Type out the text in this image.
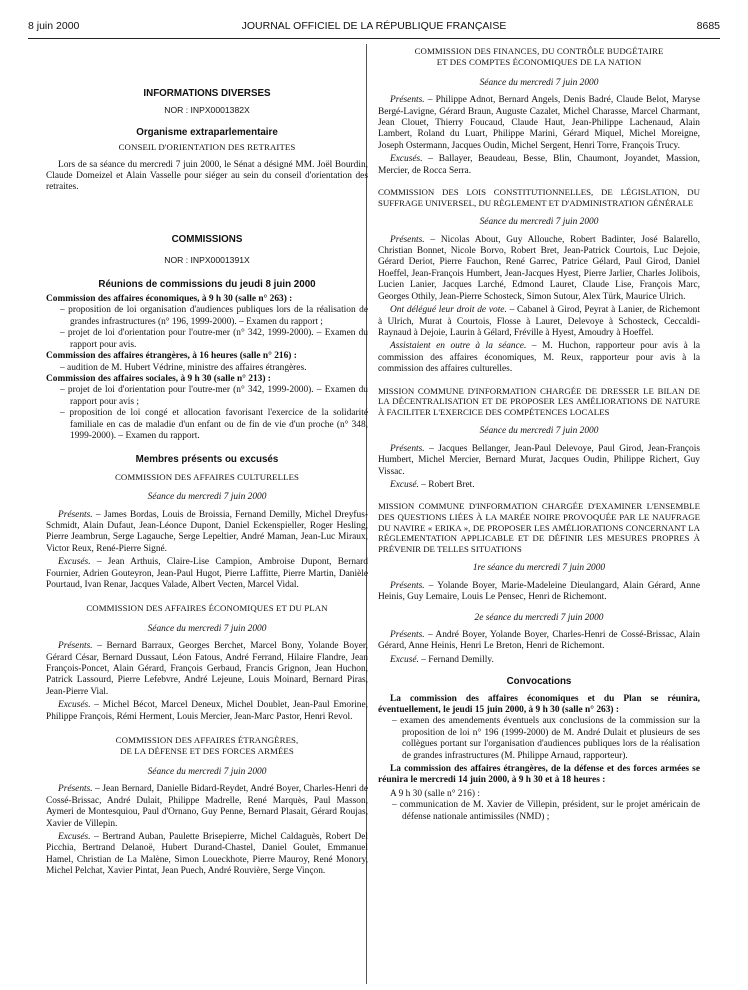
8 juin 2000	JOURNAL OFFICIEL DE LA RÉPUBLIQUE FRANÇAISE	8685
INFORMATIONS DIVERSES
NOR : INPX0001382X
Organisme extraparlementaire
CONSEIL D'ORIENTATION DES RETRAITES

Lors de sa séance du mercredi 7 juin 2000, le Sénat a désigné MM. Joël Bourdin, Claude Domeizel et Alain Vasselle pour siéger au sein du conseil d'orientation des retraites.

COMMISSIONS
NOR : INPX0001391X
Réunions de commissions du jeudi 8 juin 2000

Commission des affaires économiques, à 9 h 30 (salle n° 263) :

– proposition de loi organisation d'audiences publiques lors de la réalisation de grandes infrastructures (n° 196, 1999-2000). – Examen du rapport ;

– projet de loi d'orientation pour l'outre-mer (n° 342, 1999-2000). – Examen du rapport pour avis.

Commission des affaires étrangères, à 16 heures (salle n° 216) :

– audition de M. Hubert Védrine, ministre des affaires étrangères.

Commission des affaires sociales, à 9 h 30 (salle n° 213) :

– projet de loi d'orientation pour l'outre-mer (n° 342, 1999-2000). – Examen du rapport pour avis ;

– proposition de loi congé et allocation favorisant l'exercice de la solidarité familiale en cas de maladie d'un enfant ou de fin de vie d'un proche (n° 348, 1999-2000). – Examen du rapport.

Membres présents ou excusés
COMMISSION DES AFFAIRES CULTURELLES
Séance du mercredi 7 juin 2000

Présents. – James Bordas, Louis de Broissia, Fernand Demilly, Michel Dreyfus-Schmidt, Alain Dufaut, Jean-Léonce Dupont, Daniel Eckenspieller, Roger Hesling, Pierre Jeambrun, Serge Lagauche, Serge Lepeltier, André Maman, Jean-Luc Miraux, Victor Reux, René-Pierre Signé.

Excusés. – Jean Arthuis, Claire-Lise Campion, Ambroise Dupont, Bernard Fournier, Adrien Gouteyron, Jean-Paul Hugot, Pierre Laffitte, Pierre Martin, Danièle Pourtaud, Ivan Renar, Jacques Valade, Albert Vecten, Marcel Vidal.

COMMISSION DES AFFAIRES ÉCONOMIQUES ET DU PLAN
Séance du mercredi 7 juin 2000

Présents. – Bernard Barraux, Georges Berchet, Marcel Bony, Yolande Boyer, Gérard César, Bernard Dussaut, Léon Fatous, André Ferrand, Hilaire Flandre, Jean François-Poncet, Alain Gérard, François Gerbaud, Francis Grignon, Jean Huchon, Patrick Lassourd, Pierre Lefebvre, André Lejeune, Louis Moinard, Bernard Piras, Jean-Pierre Vial.

Excusés. – Michel Bécot, Marcel Deneux, Michel Doublet, Jean-Paul Emorine, Philippe François, Rémi Herment, Louis Mercier, Jean-Marc Pastor, Henri Revol.

COMMISSION DES AFFAIRES ÉTRANGÈRES,
DE LA DÉFENSE ET DES FORCES ARMÉES
Séance du mercredi 7 juin 2000

Présents. – Jean Bernard, Danielle Bidard-Reydet, André Boyer, Charles-Henri de Cossé-Brissac, André Dulait, Philippe Madrelle, René Marquès, Paul Masson, Aymeri de Montesquiou, Paul d'Ornano, Guy Penne, Bernard Plasait, Gérard Roujas, Xavier de Villepin.

Excusés. – Bertrand Auban, Paulette Brisepierre, Michel Caldaguès, Robert Del Picchia, Bertrand Delanoë, Hubert Durand-Chastel, Daniel Goulet, Emmanuel Hamel, Christian de La Malène, Simon Loueckhote, Pierre Mauroy, René Monory, Michel Pelchat, Xavier Pintat, Jean Puech, André Rouvière, Serge Vinçon.

COMMISSION DES FINANCES, DU CONTRÔLE BUDGÉTAIRE
ET DES COMPTES ÉCONOMIQUES DE LA NATION
Séance du mercredi 7 juin 2000

Présents. – Philippe Adnot, Bernard Angels, Denis Badré, Claude Belot, Maryse Bergé-Lavigne, Gérard Braun, Auguste Cazalet, Michel Charasse, Marcel Charmant, Jean Clouet, Thierry Foucaud, Claude Haut, Jean-Philippe Lachenaud, Alain Lambert, Roland du Luart, Philippe Marini, Gérard Miquel, Michel Moreigne, Joseph Ostermann, Jacques Oudin, Michel Sergent, Henri Torre, François Trucy.

Excusés. – Ballayer, Beaudeau, Besse, Blin, Chaumont, Joyandet, Massion, Mercier, de Rocca Serra.

COMMISSION DES LOIS CONSTITUTIONNELLES, DE LÉGISLATION, DU SUFFRAGE UNIVERSEL, DU RÈGLEMENT ET D'ADMINISTRATION GÉNÉRALE
Séance du mercredi 7 juin 2000

Présents. – Nicolas About, Guy Allouche, Robert Badinter, José Balarello, Christian Bonnet, Nicole Borvo, Robert Bret, Jean-Patrick Courtois, Luc Dejoie, Gérard Deriot, Pierre Fauchon, René Garrec, Patrice Gélard, Paul Girod, Daniel Hoeffel, Jean-François Humbert, Jean-Jacques Hyest, Pierre Jarlier, Charles Jolibois, Lucien Lanier, Jacques Larché, Edmond Lauret, Claude Lise, François Marc, Georges Othily, Jean-Pierre Schosteck, Simon Sutour, Alex Türk, Maurice Ulrich.

Ont délégué leur droit de vote. – Cabanel à Girod, Peyrat à Lanier, de Richemont à Ulrich, Murat à Courtois, Flosse à Lauret, Delevoye à Schosteck, Ceccaldi-Raynaud à Dejoie, Laurin à Gélard, Fréville à Hyest, Amoudry à Hoeffel.

Assistaient en outre à la séance. – M. Huchon, rapporteur pour avis à la commission des affaires économiques, M. Reux, rapporteur pour avis à la commission des affaires culturelles.

MISSION COMMUNE D'INFORMATION CHARGÉE DE DRESSER LE BILAN DE LA DÉCENTRALISATION ET DE PROPOSER LES AMÉLIORATIONS DE NATURE À FACILITER L'EXERCICE DES COMPÉTENCES LOCALES
Séance du mercredi 7 juin 2000

Présents. – Jacques Bellanger, Jean-Paul Delevoye, Paul Girod, Jean-François Humbert, Michel Mercier, Bernard Murat, Jacques Oudin, Philippe Richert, Guy Vissac.

Excusé. – Robert Bret.

MISSION COMMUNE D'INFORMATION CHARGÉE D'EXAMINER L'ENSEMBLE DES QUESTIONS LIÉES À LA MARÉE NOIRE PROVOQUÉE PAR LE NAUFRAGE DU NAVIRE « ERIKA », DE PROPOSER LES AMÉLIORATIONS CONCERNANT LA RÉGLEMENTATION APPLICABLE ET DE DÉFINIR LES MESURES PROPRES À PRÉVENIR DE TELLES SITUATIONS
1re séance du mercredi 7 juin 2000

Présents. – Yolande Boyer, Marie-Madeleine Dieulangard, Alain Gérard, Anne Heinis, Guy Lemaire, Louis Le Pensec, Henri de Richemont.

2e séance du mercredi 7 juin 2000

Présents. – André Boyer, Yolande Boyer, Charles-Henri de Cossé-Brissac, Alain Gérard, Anne Heinis, Henri Le Breton, Henri de Richemont.

Excusé. – Fernand Demilly.

Convocations

La commission des affaires économiques et du Plan se réunira, éventuellement, le jeudi 15 juin 2000, à 9 h 30 (salle n° 263) :

– examen des amendements éventuels aux conclusions de la commission sur la proposition de loi n° 196 (1999-2000) de M. André Dulait et plusieurs de ses collègues portant sur l'organisation d'audiences publiques lors de la réalisation de grandes infrastructures (M. Philippe Arnaud, rapporteur).

La commission des affaires étrangères, de la défense et des forces armées se réunira le mercredi 14 juin 2000, à 9 h 30 et à 18 heures :

A 9 h 30 (salle n° 216) :

– communication de M. Xavier de Villepin, président, sur le projet américain de défense nationale antimissiles (NMD) ;
